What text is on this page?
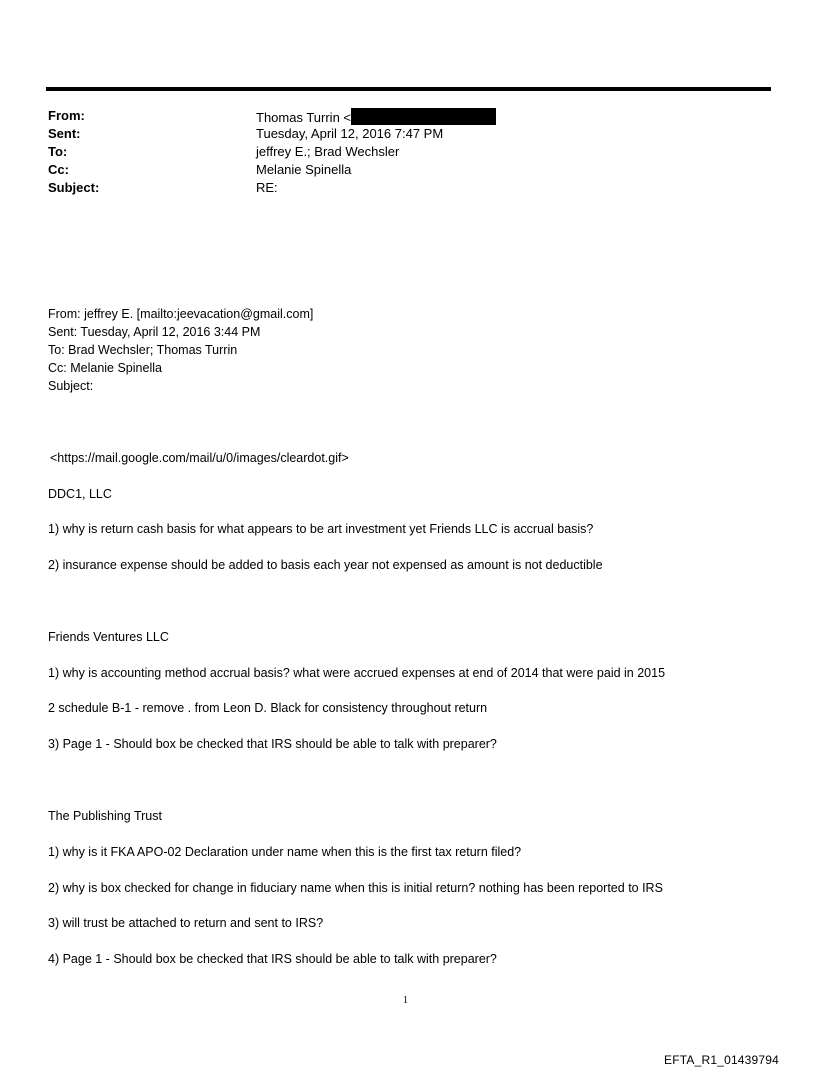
From:	Thomas Turrin <
Sent:	Tuesday, April 12, 2016 7:47 PM
To:	jeffrey E.; Brad Wechsler
Cc:	Melanie Spinella
Subject:	RE:
From: jeffrey E. [mailto:jeevacation@gmail.com]
Sent: Tuesday, April 12, 2016 3:44 PM
To: Brad Wechsler; Thomas Turrin
Cc: Melanie Spinella
Subject:
<https://mail.google.com/mail/u/0/images/cleardot.gif>
DDC1, LLC
1) why is return cash basis for what appears to be art investment yet Friends LLC is accrual basis?
2) insurance expense should be added to basis each year not expensed as amount is not deductible
Friends Ventures LLC
1) why is accounting method accrual basis? what were accrued expenses at end of 2014 that were paid in 2015
2 schedule B-1 - remove . from Leon D. Black for consistency throughout return
3) Page 1 - Should box be checked that IRS should be able to talk with preparer?
The Publishing Trust
1) why is it FKA APO-02 Declaration under name when this is the first tax return filed?
2) why is box checked for change in fiduciary name when this is initial return? nothing has been reported to IRS
3) will trust be attached to return and sent to IRS?
4) Page 1 - Should box be checked that IRS should be able to talk with preparer?
1
EFTA_R1_01439794
